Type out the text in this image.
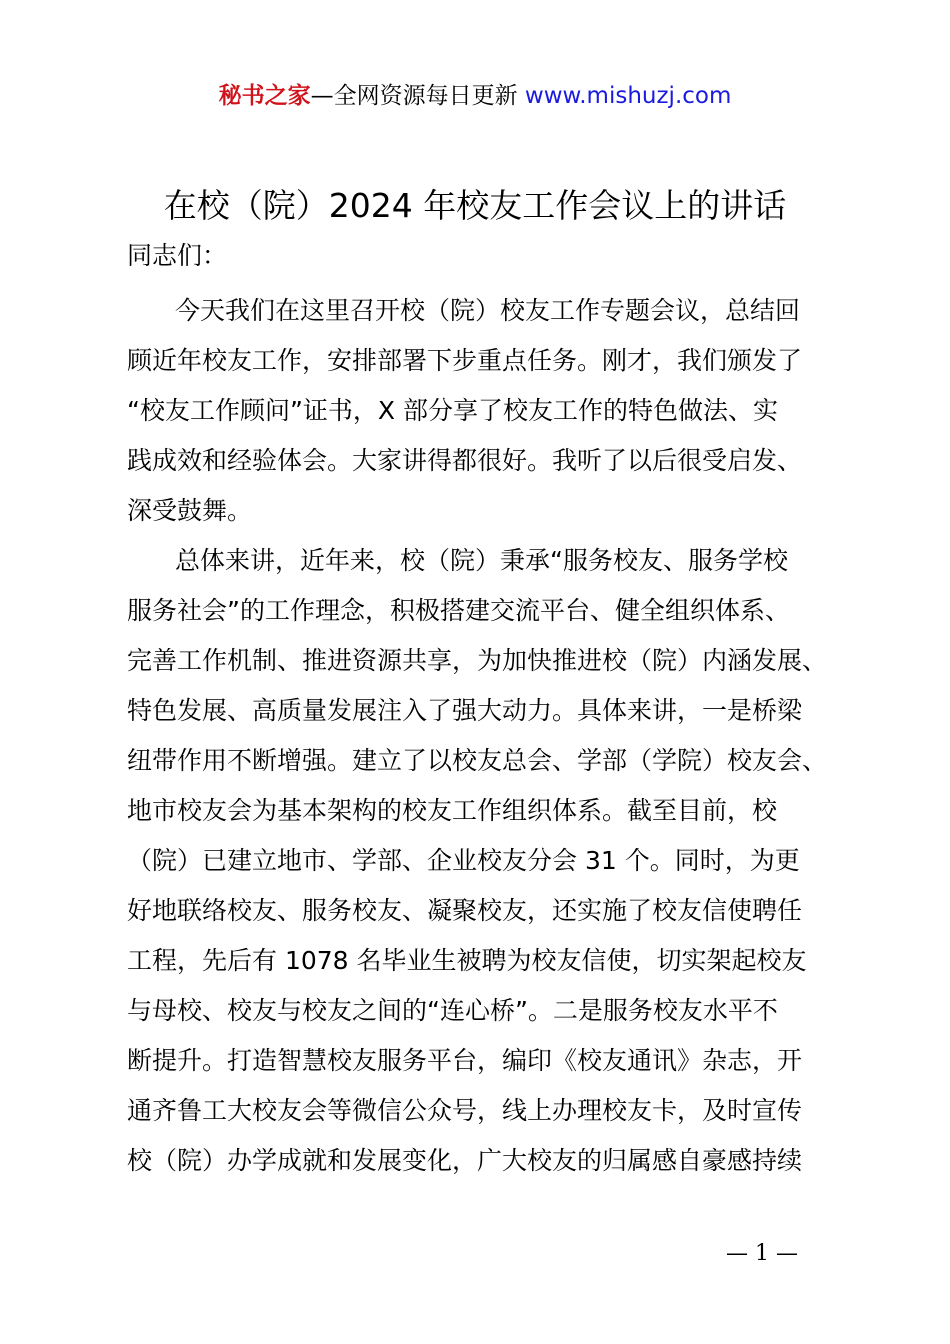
秘书之家—全网资源每日更新 www.mishuzj.com
在校（院）2024 年校友工作会议上的讲话
同志们：
今天我们在这里召开校（院）校友工作专题会议，总结回
顾近年校友工作，安排部署下步重点任务。刚才，我们颁发了
“校友工作顾问”证书，X 部分享了校友工作的特色做法、实
践成效和经验体会。大家讲得都很好。我听了以后很受启发、
深受鼓舞。
总体来讲，近年来，校（院）秉承“服务校友、服务学校
服务社会”的工作理念，积极搭建交流平台、健全组织体系、
完善工作机制、推进资源共享，为加快推进校（院）内涵发展、
特色发展、高质量发展注入了强大动力。具体来讲，一是桥梁
纽带作用不断增强。建立了以校友总会、学部（学院）校友会、
地市校友会为基本架构的校友工作组织体系。截至目前，校
（院）已建立地市、学部、企业校友分会 31 个。同时，为更
好地联络校友、服务校友、凝聚校友，还实施了校友信使聘任
工程，先后有 1078 名毕业生被聘为校友信使，切实架起校友
与母校、校友与校友之间的“连心桥”。二是服务校友水平不
断提升。打造智慧校友服务平台，编印《校友通讯》杂志，开
通齐鲁工大校友会等微信公众号，线上办理校友卡，及时宣传
校（院）办学成就和发展变化，广大校友的归属感自豪感持续
— 1 —
